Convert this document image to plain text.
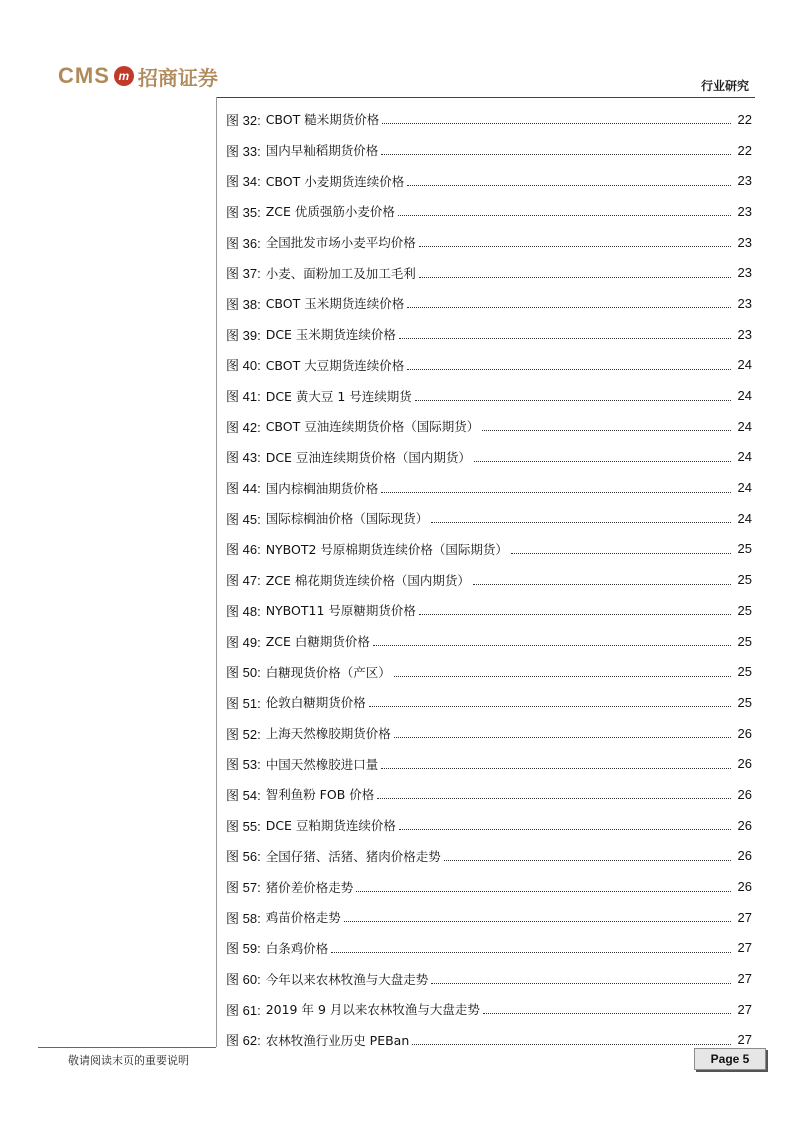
CMS m 招商证券	行业研究
图 32: CBOT 糙米期货价格	22
图 33: 国内早籼稻期货价格	22
图 34: CBOT 小麦期货连续价格	23
图 35: ZCE 优质强筋小麦价格	23
图 36: 全国批发市场小麦平均价格	23
图 37: 小麦、面粉加工及加工毛利	23
图 38: CBOT 玉米期货连续价格	23
图 39: DCE 玉米期货连续价格	23
图 40: CBOT 大豆期货连续价格	24
图 41: DCE 黄大豆 1 号连续期货	24
图 42: CBOT 豆油连续期货价格（国际期货）	24
图 43: DCE 豆油连续期货价格（国内期货）	24
图 44: 国内棕榈油期货价格	24
图 45: 国际棕榈油价格（国际现货）	24
图 46: NYBOT2 号原棉期货连续价格（国际期货）	25
图 47: ZCE 棉花期货连续价格（国内期货）	25
图 48: NYBOT11 号原糖期货价格	25
图 49: ZCE 白糖期货价格	25
图 50: 白糖现货价格（产区）	25
图 51: 伦敦白糖期货价格	25
图 52: 上海天然橡胶期货价格	26
图 53: 中国天然橡胶进口量	26
图 54: 智利鱼粉 FOB 价格	26
图 55: DCE 豆粕期货连续价格	26
图 56: 全国仔猪、活猪、猪肉价格走势	26
图 57: 猪价差价格走势	26
图 58: 鸡苗价格走势	27
图 59: 白条鸡价格	27
图 60: 今年以来农林牧渔与大盘走势	27
图 61: 2019 年 9 月以来农林牧渔与大盘走势	27
图 62: 农林牧渔行业历史 PEBan	27
敬请阅读末页的重要说明	Page 5
